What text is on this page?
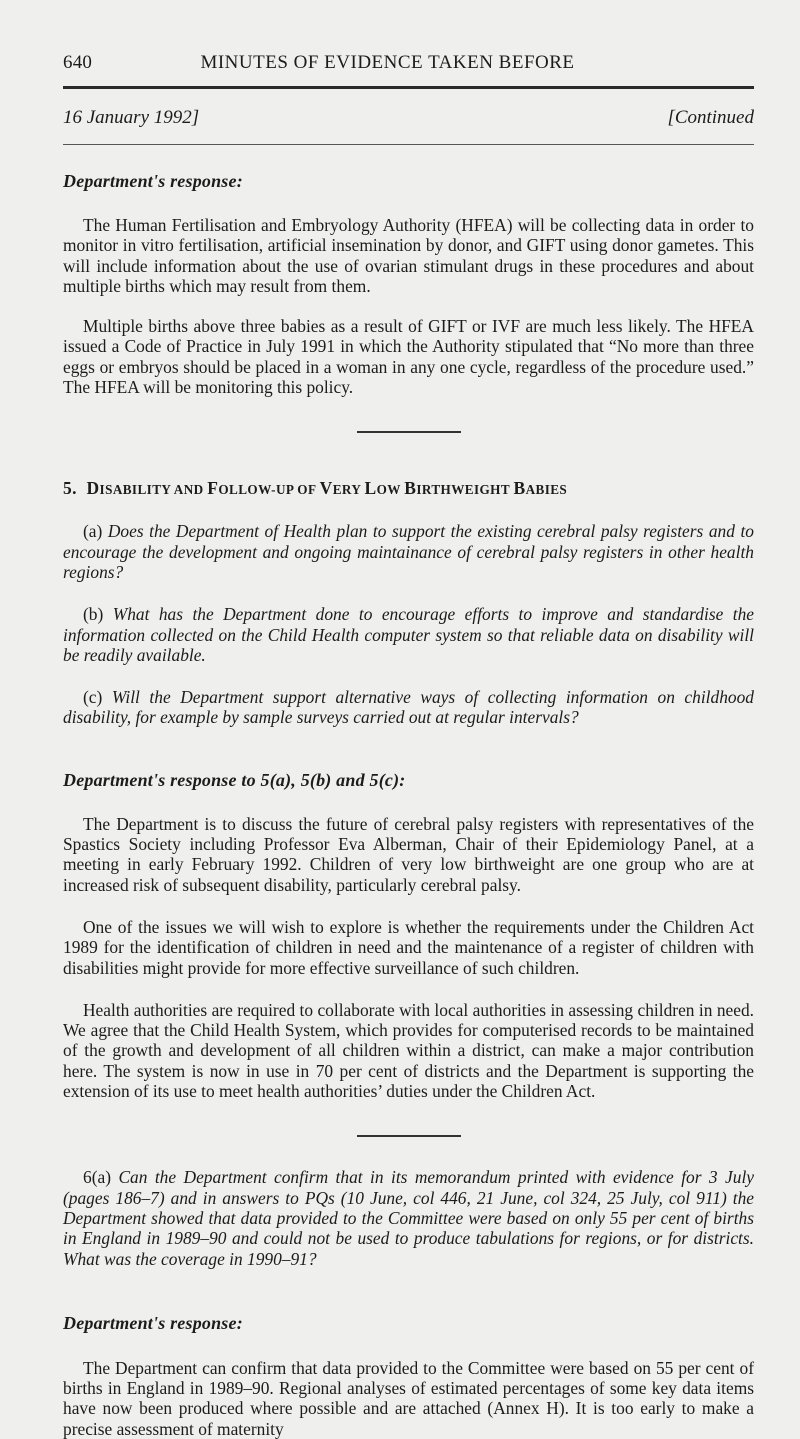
640	MINUTES OF EVIDENCE TAKEN BEFORE
16 January 1992]	[Continued
Department's response:

The Human Fertilisation and Embryology Authority (HFEA) will be collecting data in order to monitor in vitro fertilisation, artificial insemination by donor, and GIFT using donor gametes. This will include information about the use of ovarian stimulant drugs in these procedures and about multiple births which may result from them.

Multiple births above three babies as a result of GIFT or IVF are much less likely. The HFEA issued a Code of Practice in July 1991 in which the Authority stipulated that “No more than three eggs or embryos should be placed in a woman in any one cycle, regardless of the procedure used.” The HFEA will be monitoring this policy.

5. DISABILITY AND FOLLOW-UP OF VERY LOW BIRTHWEIGHT BABIES

(a) Does the Department of Health plan to support the existing cerebral palsy registers and to encourage the development and ongoing maintainance of cerebral palsy registers in other health regions?

(b) What has the Department done to encourage efforts to improve and standardise the information collected on the Child Health computer system so that reliable data on disability will be readily available.

(c) Will the Department support alternative ways of collecting information on childhood disability, for example by sample surveys carried out at regular intervals?

Department's response to 5(a), 5(b) and 5(c):

The Department is to discuss the future of cerebral palsy registers with representatives of the Spastics Society including Professor Eva Alberman, Chair of their Epidemiology Panel, at a meeting in early February 1992. Children of very low birthweight are one group who are at increased risk of subsequent disability, particularly cerebral palsy.

One of the issues we will wish to explore is whether the requirements under the Children Act 1989 for the identification of children in need and the maintenance of a register of children with disabilities might provide for more effective surveillance of such children.

Health authorities are required to collaborate with local authorities in assessing children in need. We agree that the Child Health System, which provides for computerised records to be maintained of the growth and development of all children within a district, can make a major contribution here. The system is now in use in 70 per cent of districts and the Department is supporting the extension of its use to meet health authorities’ duties under the Children Act.

6(a) Can the Department confirm that in its memorandum printed with evidence for 3 July (pages 186–7) and in answers to PQs (10 June, col 446, 21 June, col 324, 25 July, col 911) the Department showed that data provided to the Committee were based on only 55 per cent of births in England in 1989–90 and could not be used to produce tabulations for regions, or for districts. What was the coverage in 1990–91?

Department's response:

The Department can confirm that data provided to the Committee were based on 55 per cent of births in England in 1989–90. Regional analyses of estimated percentages of some key data items have now been produced where possible and are attached (Annex H). It is too early to make a precise assessment of maternity
